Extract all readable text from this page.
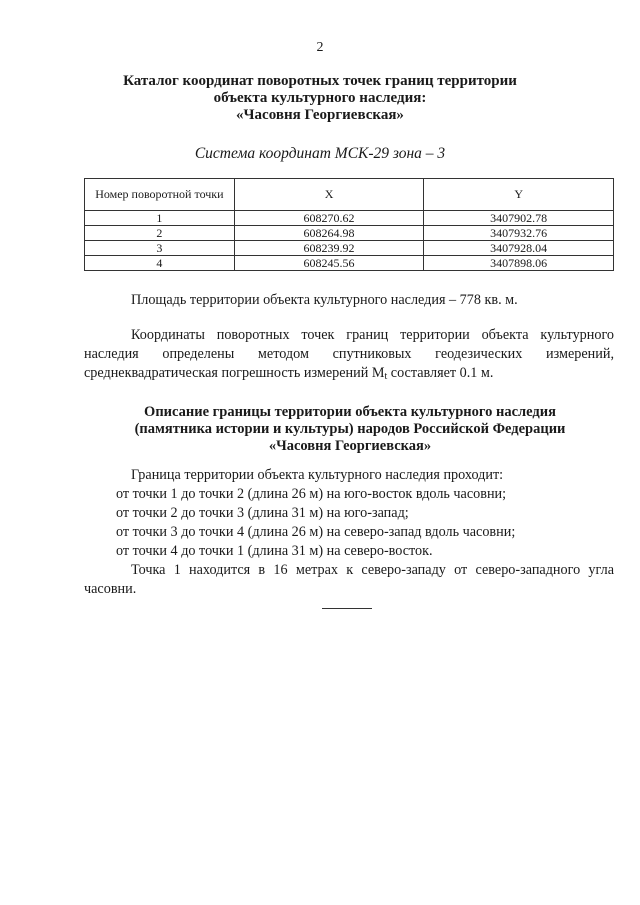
2
Каталог координат поворотных точек границ территории
объекта культурного наследия:
«Часовня Георгиевская»
Система координат МСК-29 зона – 3
Номер поворотной точки	X	Y
1	608270.62	3407902.78
2	608264.98	3407932.76
3	608239.92	3407928.04
4	608245.56	3407898.06
Площадь территории объекта культурного наследия – 778 кв. м.
Координаты поворотных точек границ территории объекта культурного наследия определены методом спутниковых геодезических измерений, среднеквадратическая погрешность измерений $M_t$ составляет 0.1 м.
Описание границы территории объекта культурного наследия
(памятника истории и культуры) народов Российской Федерации
«Часовня Георгиевская»
Граница территории объекта культурного наследия проходит:
от точки 1 до точки 2 (длина 26 м) на юго-восток вдоль часовни;
от точки 2 до точки 3 (длина 31 м) на юго-запад;
от точки 3 до точки 4 (длина 26 м) на северо-запад вдоль часовни;
от точки 4 до точки 1 (длина 31 м) на северо-восток.
Точка 1 находится в 16 метрах к северо-западу от северо-западного угла часовни.
